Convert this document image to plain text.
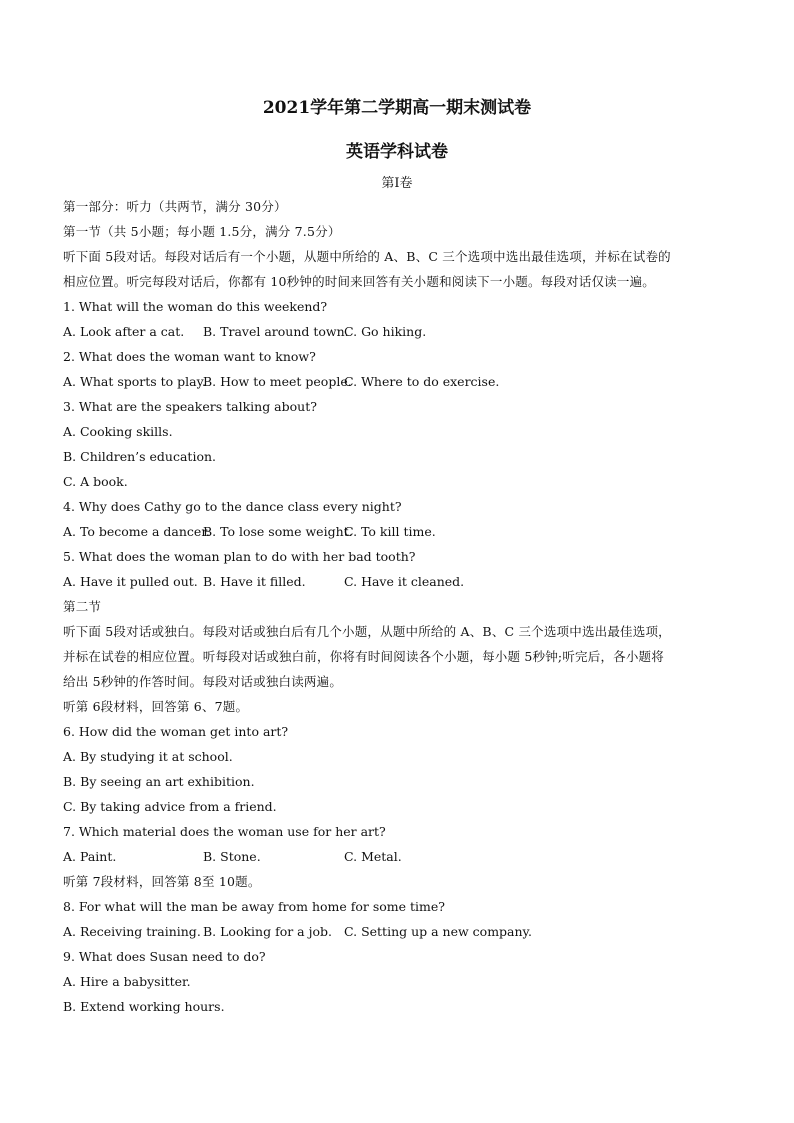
2021学年第二学期高一期末测试卷
英语学科试卷
第Ⅰ卷
第一部分：听力（共两节，满分 30分）
第一节（共 5小题；每小题 1.5分，满分 7.5分）
听下面 5段对话。每段对话后有一个小题，从题中所给的 A、B、C 三个选项中选出最佳选项，并标在试卷的
相应位置。听完每段对话后，你都有 10秒钟的时间来回答有关小题和阅读下一小题。每段对话仅读一遍。
1. What will the woman do this weekend?
A. Look after a cat. B. Travel around town.
C. Go hiking.
2. What does the woman want to know?
A. What sports to play.
B. How to meet people.
C. Where to do exercise.
3. What are the speakers talking about?
A. Cooking skills.
B. Children’s education.
C. A book.
4. Why does Cathy go to the dance class every night?
A. To become a dancer.
B. To lose some weight.
C. To kill time.
5. What does the woman plan to do with her bad tooth?
A. Have it pulled out. B. Have it filled.	C. Have it cleaned.
第二节
听下面 5段对话或独白。每段对话或独白后有几个小题，从题中所给的 A、B、C 三个选项中选出最佳选项，
并标在试卷的相应位置。听每段对话或独白前，你将有时间阅读各个小题，每小题 5秒钟;听完后，各小题将
给出 5秒钟的作答时间。每段对话或独白读两遍。
听第 6段材料，回答第 6、7题。
6. How did the woman get into art?
A. By studying it at school.
B. By seeing an art exhibition.
C. By taking advice from a friend.
7. Which material does the woman use for her art?
A. Paint.	B. Stone.	C. Metal.
听第 7段材料，回答第 8至 10题。
8. For what will the man be away from home for some time?
A. Receiving training. B. Looking for a job. C. Setting up a new company.
9. What does Susan need to do?
A. Hire a babysitter.
B. Extend working hours.
